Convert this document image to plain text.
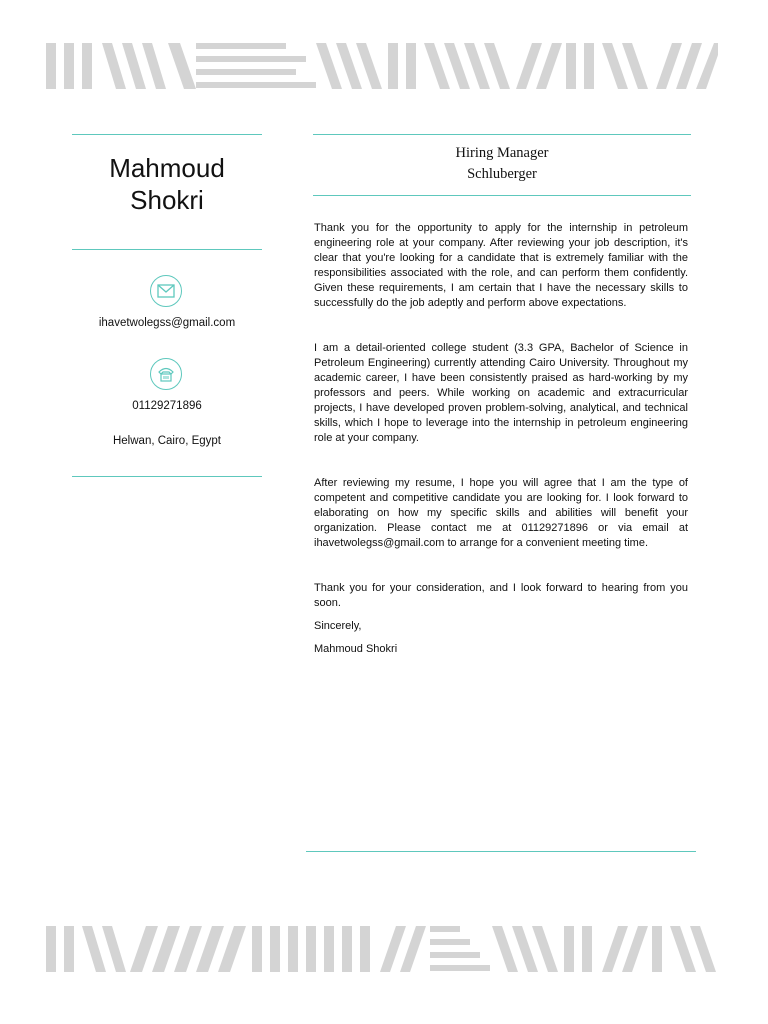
Mahmoud Shokri
ihavetwolegss@gmail.com
01129271896
Helwan, Cairo, Egypt
Hiring Manager
Schluberger

Thank you for the opportunity to apply for the internship in petroleum engineering role at your company. After reviewing your job description, it's clear that you're looking for a candidate that is extremely familiar with the responsibilities associated with the role, and can perform them confidently. Given these requirements, I am certain that I have the necessary skills to successfully do the job adeptly and perform above expectations.

I am a detail-oriented college student (3.3 GPA, Bachelor of Science in Petroleum Engineering) currently attending Cairo University. Throughout my academic career, I have been consistently praised as hard-working by my professors and peers. While working on academic and extracurricular projects, I have developed proven problem-solving, analytical, and technical skills, which I hope to leverage into the internship in petroleum engineering role at your company.

After reviewing my resume, I hope you will agree that I am the type of competent and competitive candidate you are looking for. I look forward to elaborating on how my specific skills and abilities will benefit your organization. Please contact me at 01129271896 or via email at ihavetwolegss@gmail.com to arrange for a convenient meeting time.

Thank you for your consideration, and I look forward to hearing from you soon.

Sincerely,

Mahmoud Shokri
